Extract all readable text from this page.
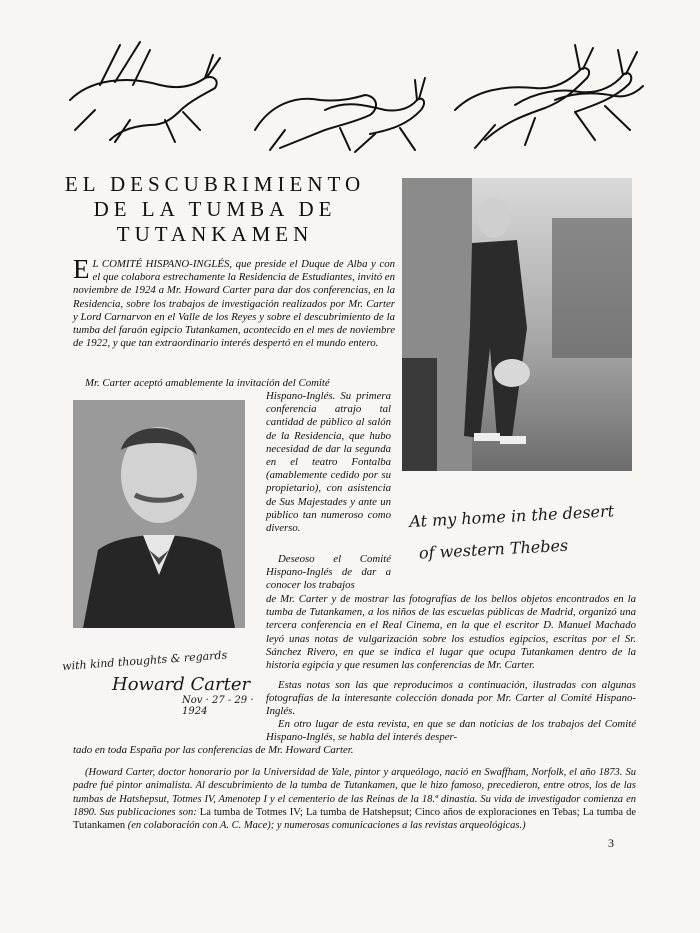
EL DESCUBRIMIENTO
DE LA TUMBA DE
TUTANKAMEN

E L COMITÉ HISPANO-INGLÉS, que preside el Duque de Alba y con el que colabora estrechamente la Residencia de Estudiantes, invitó en noviembre de 1924 a Mr. Howard Carter para dar dos conferencias, en la Residencia, sobre los trabajos de investigación realizados por Mr. Carter y Lord Carnarvon en el Valle de los Reyes y sobre el descubrimiento de la tumba del faraón egipcio Tutankamen, acontecido en el mes de noviembre de 1922, y que tan extraordinario interés despertó en el mundo entero.

Mr. Carter aceptó amablemente la invitación del Comité

Hispano-Inglés. Su primera conferencia atrajo tal cantidad de público al salón de la Residencia, que hubo necesidad de dar la segunda en el teatro Fontalba (amablemente cedido por su propietario), con asistencia de Sus Majestades y ante un público tan numeroso como diverso.

Deseoso el Comité Hispano-Inglés de dar a conocer los trabajos

At my home in the desert
of western Thebes

de Mr. Carter y de mostrar las fotografías de los bellos objetos encontrados en la tumba de Tutankamen, a los niños de las escuelas públicas de Madrid, organizó una tercera conferencia en el Real Cinema, en la que el escritor D. Manuel Machado leyó unas notas de vulgarización sobre los estudios egipcios, escritas por el Sr. Sánchez Rivero, en que se indica el lugar que ocupa Tutankamen dentro de la historia egipcia y que resumen las conferencias de Mr. Carter.

Estas notas son las que reproducimos a continuación, ilustradas con algunas fotografías de la interesante colección donada por Mr. Carter al Comité Hispano-Inglés.

En otro lugar de esta revista, en que se dan noticias de los trabajos del Comité Hispano-Inglés, se habla del interés desper-

with kind thoughts & regards
Howard Carter
Nov · 27 - 29 · 1924

tado en toda España por las conferencias de Mr. Howard Carter.

(Howard Carter, doctor honorario por la Universidad de Yale, pintor y arqueólogo, nació en Swaffham, Norfolk, el año 1873. Su padre fué pintor animalista. Al descubrimiento de la tumba de Tutankamen, que le hizo famoso, precedieron, entre otros, los de las tumbas de Hatshepsut, Totmes IV, Amenotep I y el cementerio de las Reinas de la 18.ª dinastía. Su vida de investigador comienza en 1890. Sus publicaciones son: La tumba de Totmes IV; La tumba de Hatshepsut; Cinco años de exploraciones en Tebas; La tumba de Tutankamen (en colaboración con A. C. Mace); y numerosas comunicaciones a las revistas arqueológicas.)

3
